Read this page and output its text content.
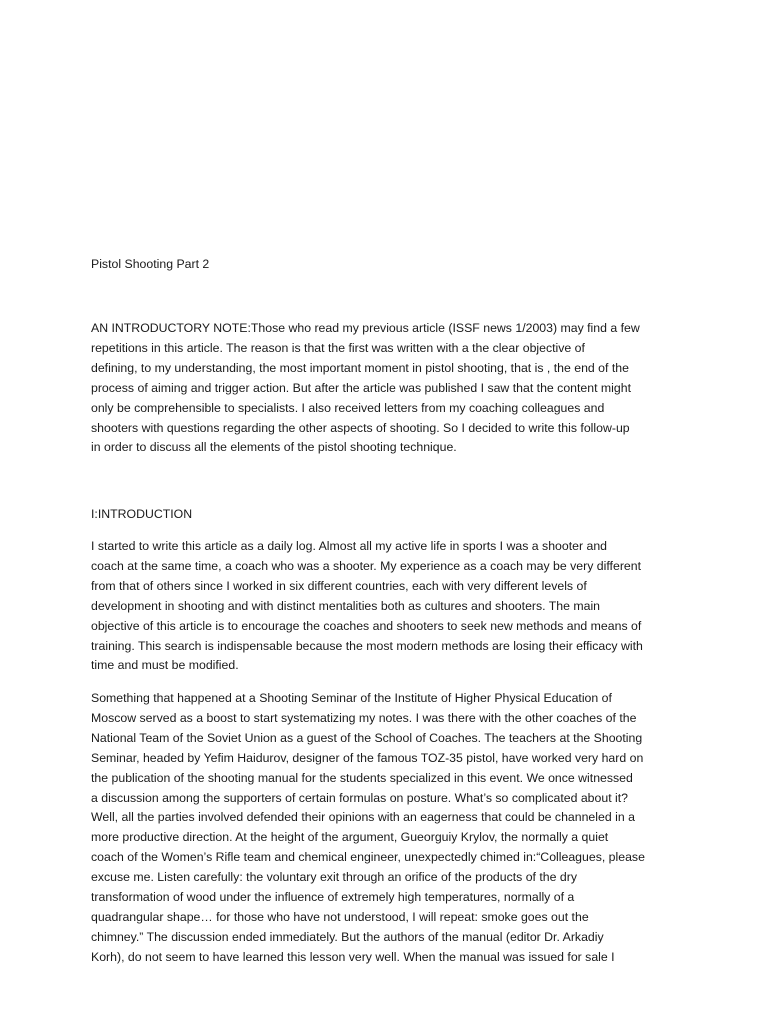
Pistol Shooting Part 2

AN INTRODUCTORY NOTE:Those who read my previous article (ISSF news 1/2003) may find a few
repetitions in this article. The reason is that the first was written with a the clear objective of
defining, to my understanding, the most important moment in pistol shooting, that is , the end of the
process of aiming and trigger action. But after the article was published I saw that the content might
only be comprehensible to specialists. I also received letters from my coaching colleagues and
shooters with questions regarding the other aspects of shooting. So I decided to write this follow-up
in order to discuss all the elements of the pistol shooting technique.

I:INTRODUCTION

I started to write this article as a daily log. Almost all my active life in sports I was a shooter and
coach at the same time, a coach who was a shooter. My experience as a coach may be very different
from that of others since I worked in six different countries, each with very different levels of
development in shooting and with distinct mentalities both as cultures and shooters. The main
objective of this article is to encourage the coaches and shooters to seek new methods and means of
training. This search is indispensable because the most modern methods are losing their efficacy with
time and must be modified.
Something that happened at a Shooting Seminar of the Institute of Higher Physical Education of
Moscow served as a boost to start systematizing my notes. I was there with the other coaches of the
National Team of the Soviet Union as a guest of the School of Coaches. The teachers at the Shooting
Seminar, headed by Yefim Haidurov, designer of the famous TOZ-35 pistol, have worked very hard on
the publication of the shooting manual for the students specialized in this event. We once witnessed
a discussion among the supporters of certain formulas on posture. What’s so complicated about it?
Well, all the parties involved defended their opinions with an eagerness that could be channeled in a
more productive direction. At the height of the argument, Gueorguiy Krylov, the normally a quiet
coach of the Women’s Rifle team and chemical engineer, unexpectedly chimed in:“Colleagues, please
excuse me. Listen carefully: the voluntary exit through an orifice of the products of the dry
transformation of wood under the influence of extremely high temperatures, normally of a
quadrangular shape… for those who have not understood, I will repeat: smoke goes out the
chimney.” The discussion ended immediately. But the authors of the manual (editor Dr. Arkadiy
Korh), do not seem to have learned this lesson very well. When the manual was issued for sale I
